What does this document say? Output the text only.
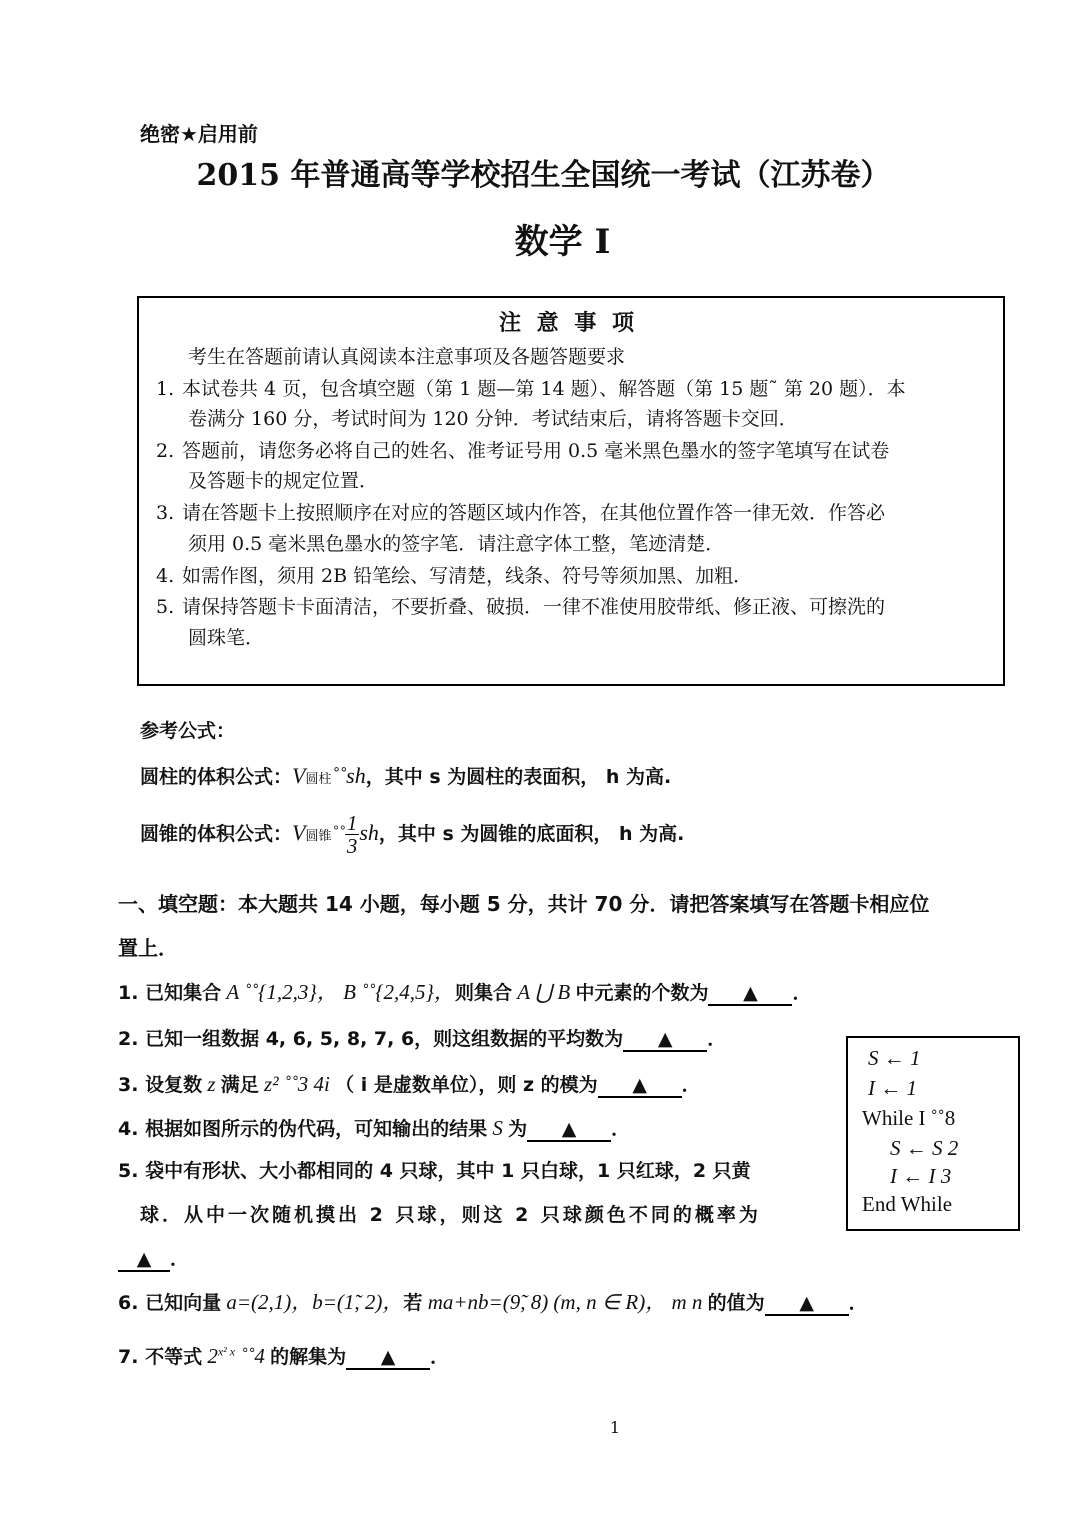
绝密★启用前
2015 年普通高等学校招生全国统一考试（江苏卷）
数学 I
注 意 事 项
考生在答题前请认真阅读本注意事项及各题答题要求
1. 本试卷共 4 页，包含填空题（第 1 题—第 14 题）、解答题（第 15 题˜ 第 20 题）．本
卷满分 160 分，考试时间为 120 分钟．考试结束后，请将答题卡交回．
2. 答题前，请您务必将自己的姓名、准考证号用 0.5 毫米黑色墨水的签字笔填写在试卷
及答题卡的规定位置．
3. 请在答题卡上按照顺序在对应的答题区域内作答，在其他位置作答一律无效．作答必
须用 0.5 毫米黑色墨水的签字笔．请注意字体工整，笔迹清楚．
4. 如需作图，须用 2B 铅笔绘、写清楚，线条、符号等须加黑、加粗．
5. 请保持答题卡卡面清洁，不要折叠、破损．一律不准使用胶带纸、修正液、可擦洗的
圆珠笔．
参考公式：
圆柱的体积公式：V圆柱˚˚sh，其中 s 为圆柱的表面积， h 为高.
圆锥的体积公式：V圆锥˚˚ $\frac{1}{3}$ sh，其中 s 为圆锥的底面积， h 为高.
一、填空题：本大题共 14 小题，每小题 5 分，共计 70 分．请把答案填写在答题卡相应位
置上．
1. 已知集合 A ˚˚{1,2,3}， B ˚˚{2,4,5}，则集合 A ⋃ B 中元素的个数为 ▲ ．
2. 已知一组数据 4, 6, 5, 8, 7, 6，则这组数据的平均数为 ▲ ．
3. 设复数 z 满足 z² ˚˚3 4i （ i 是虚数单位），则 z 的模为 ▲ ．
4. 根据如图所示的伪代码，可知输出的结果 S 为 ▲ ．
5. 袋中有形状、大小都相同的 4 只球，其中 1 只白球，1 只红球，2 只黄
球．从中一次随机摸出 2 只球，则这 2 只球颜色不同的概率为
▲ ．
6. 已知向量 a=(2,1)，b=(1̃, 2)，若 ma+nb=(9̃, 8) (m, n ∈ R)， m n 的值为 ▲ ．
7. 不等式 $2^{x^2 x}$ ˚˚4 的解集为 ▲ ．
S ← 1
I ← 1
While I ˚˚8
S ← S 2
I ← I 3
End While
1
